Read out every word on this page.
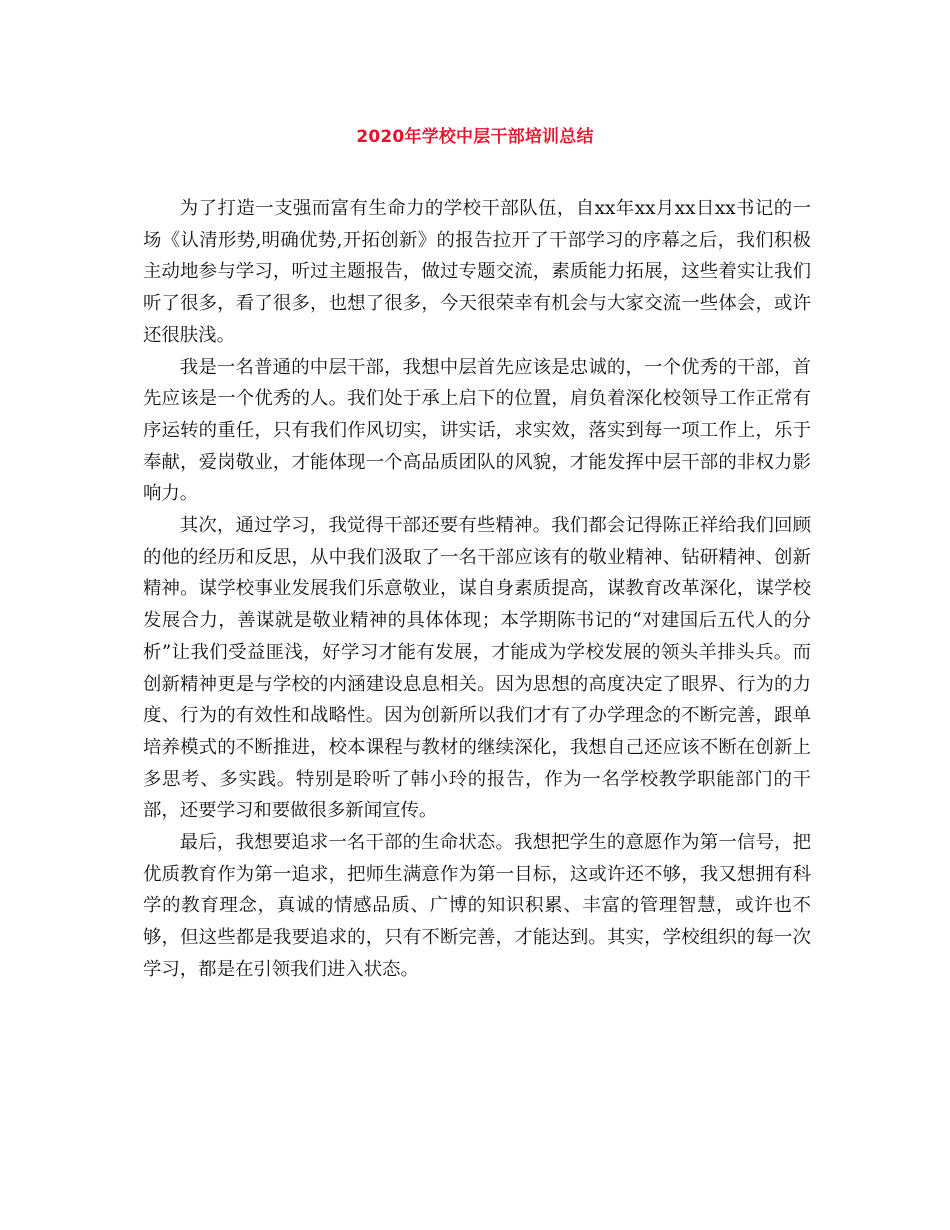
2020年学校中层干部培训总结

为了打造一支强而富有生命力的学校干部队伍，自xx年xx月xx日xx书记的一场《认清形势,明确优势,开拓创新》的报告拉开了干部学习的序幕之后，我们积极主动地参与学习，听过主题报告，做过专题交流，素质能力拓展，这些着实让我们听了很多，看了很多，也想了很多，今天很荣幸有机会与大家交流一些体会，或许还很肤浅。

我是一名普通的中层干部，我想中层首先应该是忠诚的，一个优秀的干部，首先应该是一个优秀的人。我们处于承上启下的位置，肩负着深化校领导工作正常有序运转的重任，只有我们作风切实，讲实话，求实效，落实到每一项工作上，乐于奉献，爱岗敬业，才能体现一个高品质团队的风貌，才能发挥中层干部的非权力影响力。

其次，通过学习，我觉得干部还要有些精神。我们都会记得陈正祥给我们回顾的他的经历和反思，从中我们汲取了一名干部应该有的敬业精神、钻研精神、创新精神。谋学校事业发展我们乐意敬业，谋自身素质提高，谋教育改革深化，谋学校发展合力，善谋就是敬业精神的具体体现；本学期陈书记的“对建国后五代人的分析”让我们受益匪浅，好学习才能有发展，才能成为学校发展的领头羊排头兵。而创新精神更是与学校的内涵建设息息相关。因为思想的高度决定了眼界、行为的力度、行为的有效性和战略性。因为创新所以我们才有了办学理念的不断完善，跟单培养模式的不断推进，校本课程与教材的继续深化，我想自己还应该不断在创新上多思考、多实践。特别是聆听了韩小玲的报告，作为一名学校教学职能部门的干部，还要学习和要做很多新闻宣传。

最后，我想要追求一名干部的生命状态。我想把学生的意愿作为第一信号，把优质教育作为第一追求，把师生满意作为第一目标，这或许还不够，我又想拥有科学的教育理念，真诚的情感品质、广博的知识积累、丰富的管理智慧，或许也不够，但这些都是我要追求的，只有不断完善，才能达到。其实，学校组织的每一次学习，都是在引领我们进入状态。
